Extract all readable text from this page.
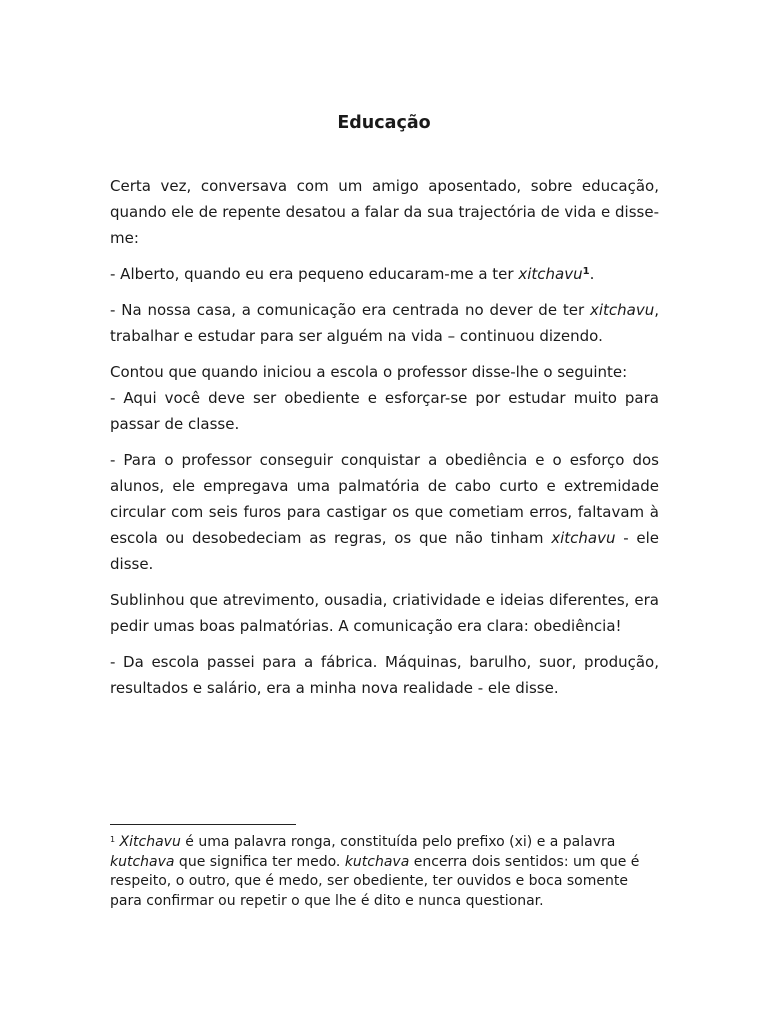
Educação

Certa vez, conversava com um amigo aposentado, sobre educação, quando ele de repente desatou a falar da sua trajectória de vida e disse-me:

- Alberto, quando eu era pequeno educaram-me a ter xitchavu$^1$.

- Na nossa casa, a comunicação era centrada no dever de ter xitchavu, trabalhar e estudar para ser alguém na vida – continuou dizendo.

Contou que quando iniciou a escola o professor disse-lhe o seguinte:

- Aqui você deve ser obediente e esforçar-se por estudar muito para passar de classe.

- Para o professor conseguir conquistar a obediência e o esforço dos alunos, ele empregava uma palmatória de cabo curto e extremidade circular com seis furos para castigar os que cometiam erros, faltavam à escola ou desobedeciam as regras, os que não tinham xitchavu - ele disse.

Sublinhou que atrevimento, ousadia, criatividade e ideias diferentes, era pedir umas boas palmatórias. A comunicação era clara: obediência!

- Da escola passei para a fábrica. Máquinas, barulho, suor, produção, resultados e salário, era a minha nova realidade - ele disse.

$^1$ Xitchavu é uma palavra ronga, constituída pelo prefixo (xi) e a palavra kutchava que significa ter medo. kutchava encerra dois sentidos: um que é respeito, o outro, que é medo, ser obediente, ter ouvidos e boca somente para confirmar ou repetir o que lhe é dito e nunca questionar.
